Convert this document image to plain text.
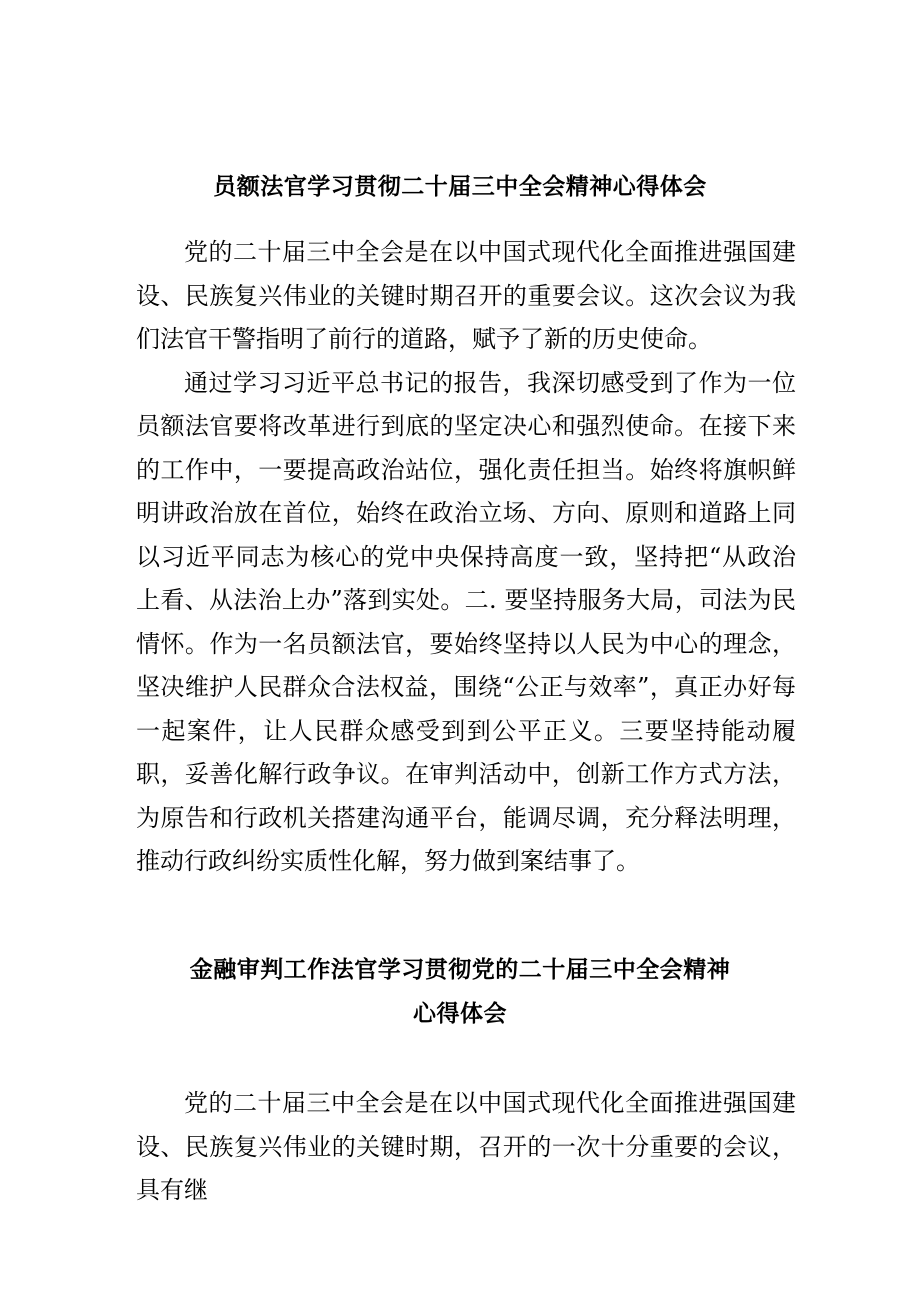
员额法官学习贯彻二十届三中全会精神心得体会

党的二十届三中全会是在以中国式现代化全面推进强国建设、民族复兴伟业的关键时期召开的重要会议。这次会议为我们法官干警指明了前行的道路，赋予了新的历史使命。

通过学习习近平总书记的报告，我深切感受到了作为一位员额法官要将改革进行到底的坚定决心和强烈使命。在接下来的工作中，一要提高政治站位，强化责任担当。始终将旗帜鲜明讲政治放在首位，始终在政治立场、方向、原则和道路上同以习近平同志为核心的党中央保持高度一致，坚持把“从政治上看、从法治上办”落到实处。二. 要坚持服务大局，司法为民情怀。作为一名员额法官，要始终坚持以人民为中心的理念，坚决维护人民群众合法权益，围绕“公正与效率”，真正办好每一起案件，让人民群众感受到到公平正义。三要坚持能动履职，妥善化解行政争议。在审判活动中，创新工作方式方法，为原告和行政机关搭建沟通平台，能调尽调，充分释法明理，推动行政纠纷实质性化解，努力做到案结事了。

金融审判工作法官学习贯彻党的二十届三中全会精神
心得体会

党的二十届三中全会是在以中国式现代化全面推进强国建设、民族复兴伟业的关键时期，召开的一次十分重要的会议，具有继
